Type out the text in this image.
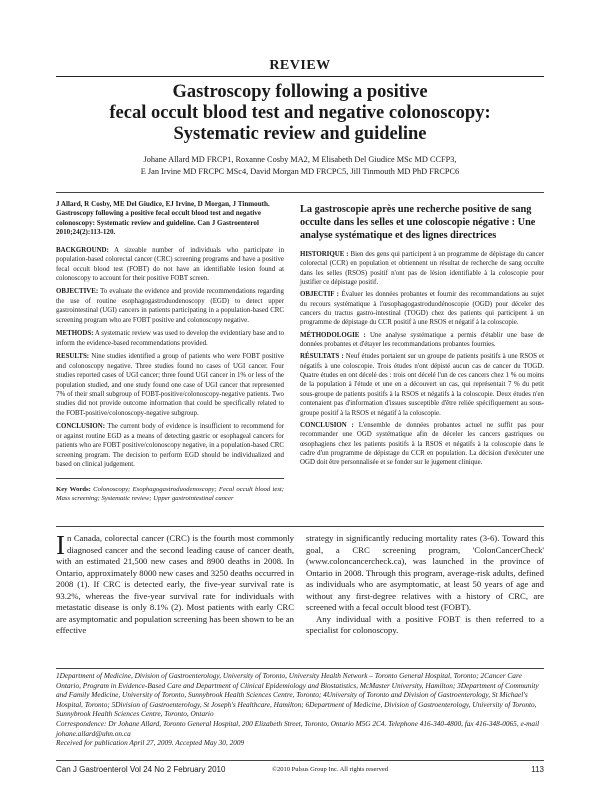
REVIEW
Gastroscopy following a positive
fecal occult blood test and negative colonoscopy:
Systematic review and guideline
Johane Allard MD FRCP1, Roxanne Cosby MA2, M Elisabeth Del Giudice MSc MD CCFP3,
E Jan Irvine MD FRCPC MSc4, David Morgan MD FRCPC5, Jill Tinmouth MD PhD FRCPC6

J Allard, R Cosby, ME Del Giudice, EJ Irvine, D Morgan, J Tinmouth. Gastroscopy following a positive fecal occult blood test and negative colonoscopy: Systematic review and guideline. Can J Gastroenterol 2010;24(2):113-120.

BACKGROUND: A sizeable number of individuals who participate in population-based colorectal cancer (CRC) screening programs and have a positive fecal occult blood test (FOBT) do not have an identifiable lesion found at colonoscopy to account for their positive FOBT screen.

OBJECTIVE: To evaluate the evidence and provide recommendations regarding the use of routine esophagogastroduodenoscopy (EGD) to detect upper gastrointestinal (UGI) cancers in patients participating in a population-based CRC screening program who are FOBT positive and colonoscopy negative.

METHODS: A systematic review was used to develop the evidentiary base and to inform the evidence-based recommendations provided.

RESULTS: Nine studies identified a group of patients who were FOBT positive and colonoscopy negative. Three studies found no cases of UGI cancer. Four studies reported cases of UGI cancer; three found UGI cancer in 1% or less of the population studied, and one study found one case of UGI cancer that represented 7% of their small subgroup of FOBT-positive/colonoscopy-negative patients. Two studies did not provide outcome information that could be specifically related to the FOBT-positive/colonoscopy-negative subgroup.

CONCLUSION: The current body of evidence is insufficient to recommend for or against routine EGD as a means of detecting gastric or esophageal cancers for patients who are FOBT positive/colonoscopy negative, in a population-based CRC screening program. The decision to perform EGD should be individualized and based on clinical judgement.

Key Words: Colonoscopy; Esophagogastroduodenoscopy; Fecal occult blood test; Mass screening; Systematic review; Upper gastrointestinal cancer

La gastroscopie après une recherche positive de sang occulte dans les selles et une coloscopie négative : Une analyse systématique et des lignes directrices

HISTORIQUE : Bien des gens qui participent à un programme de dépistage du cancer colorectal (CCR) en population et obtiennent un résultat de recherche de sang occulte dans les selles (RSOS) positif n'ont pas de lésion identifiable à la coloscopie pour justifier ce dépistage positif.

OBJECTIF : Évaluer les données probantes et fournir des recommandations au sujet du recours systématique à l'œsophagogastroduodénoscopie (OGD) pour déceler des cancers du tractus gastro-intestinal (TOGD) chez des patients qui participent à un programme de dépistage du CCR positif à une RSOS et négatif à la coloscopie.

MÉTHODOLOGIE : Une analyse systématique a permis d'établir une base de données probantes et d'étayer les recommandations probantes fournies.

RÉSULTATS : Neuf études portaient sur un groupe de patients positifs à une RSOS et négatifs à une coloscopie. Trois études n'ont dépisté aucun cas de cancer du TOGD. Quatre études en ont décelé des : trois ont décelé l'un de ces cancers chez 1 % ou moins de la population à l'étude et une en a découvert un cas, qui représentait 7 % du petit sous-groupe de patients positifs à la RSOS et négatifs à la coloscopie. Deux études n'en contenaient pas d'information d'issues susceptible d'être reliée spécifiquement au sous-groupe positif à la RSOS et négatif à la coloscopie.

CONCLUSION : L'ensemble de données probantes actuel ne suffit pas pour recommander une OGD systématique afin de déceler les cancers gastriques ou œsophagiens chez les patients positifs à la RSOS et négatifs à la coloscopie dans le cadre d'un programme de dépistage du CCR en population. La décision d'exécuter une OGD doit être personnalisée et se fonder sur le jugement clinique.

In Canada, colorectal cancer (CRC) is the fourth most commonly diagnosed cancer and the second leading cause of cancer death, with an estimated 21,500 new cases and 8900 deaths in 2008. In Ontario, approximately 8000 new cases and 3250 deaths occurred in 2008 (1). If CRC is detected early, the five-year survival rate is 93.2%, whereas the five-year survival rate for individuals with metastatic disease is only 8.1% (2). Most patients with early CRC are asymptomatic and population screening has been shown to be an effective

strategy in significantly reducing mortality rates (3-6). Toward this goal, a CRC screening program, 'ColonCancerCheck' (www.coloncancercheck.ca), was launched in the province of Ontario in 2008. Through this program, average-risk adults, defined as individuals who are asymptomatic, at least 50 years of age and without any first-degree relatives with a history of CRC, are screened with a fecal occult blood test (FOBT).

Any individual with a positive FOBT is then referred to a specialist for colonoscopy.

1Department of Medicine, Division of Gastroenterology, University of Toronto, University Health Network – Toronto General Hospital, Toronto; 2Cancer Care Ontario, Program in Evidence-Based Care and Department of Clinical Epidemiology and Biostatistics, McMaster University, Hamilton; 3Department of Community and Family Medicine, University of Toronto, Sunnybrook Health Sciences Centre, Toronto; 4University of Toronto and Division of Gastroenterology, St Michael's Hospital, Toronto; 5Division of Gastroenterology, St Joseph's Healthcare, Hamilton; 6Department of Medicine, Division of Gastroenterology, University of Toronto, Sunnybrook Health Sciences Centre, Toronto, Ontario

Correspondence: Dr Johane Allard, Toronto General Hospital, 200 Elizabeth Street, Toronto, Ontario M5G 2C4. Telephone 416-340-4800, fax 416-348-0065, e-mail johane.allard@uhn.on.ca

Received for publication April 27, 2009. Accepted May 30, 2009

Can J Gastroenterol Vol 24 No 2 February 2010	©2010 Pulsus Group Inc. All rights reserved	113
